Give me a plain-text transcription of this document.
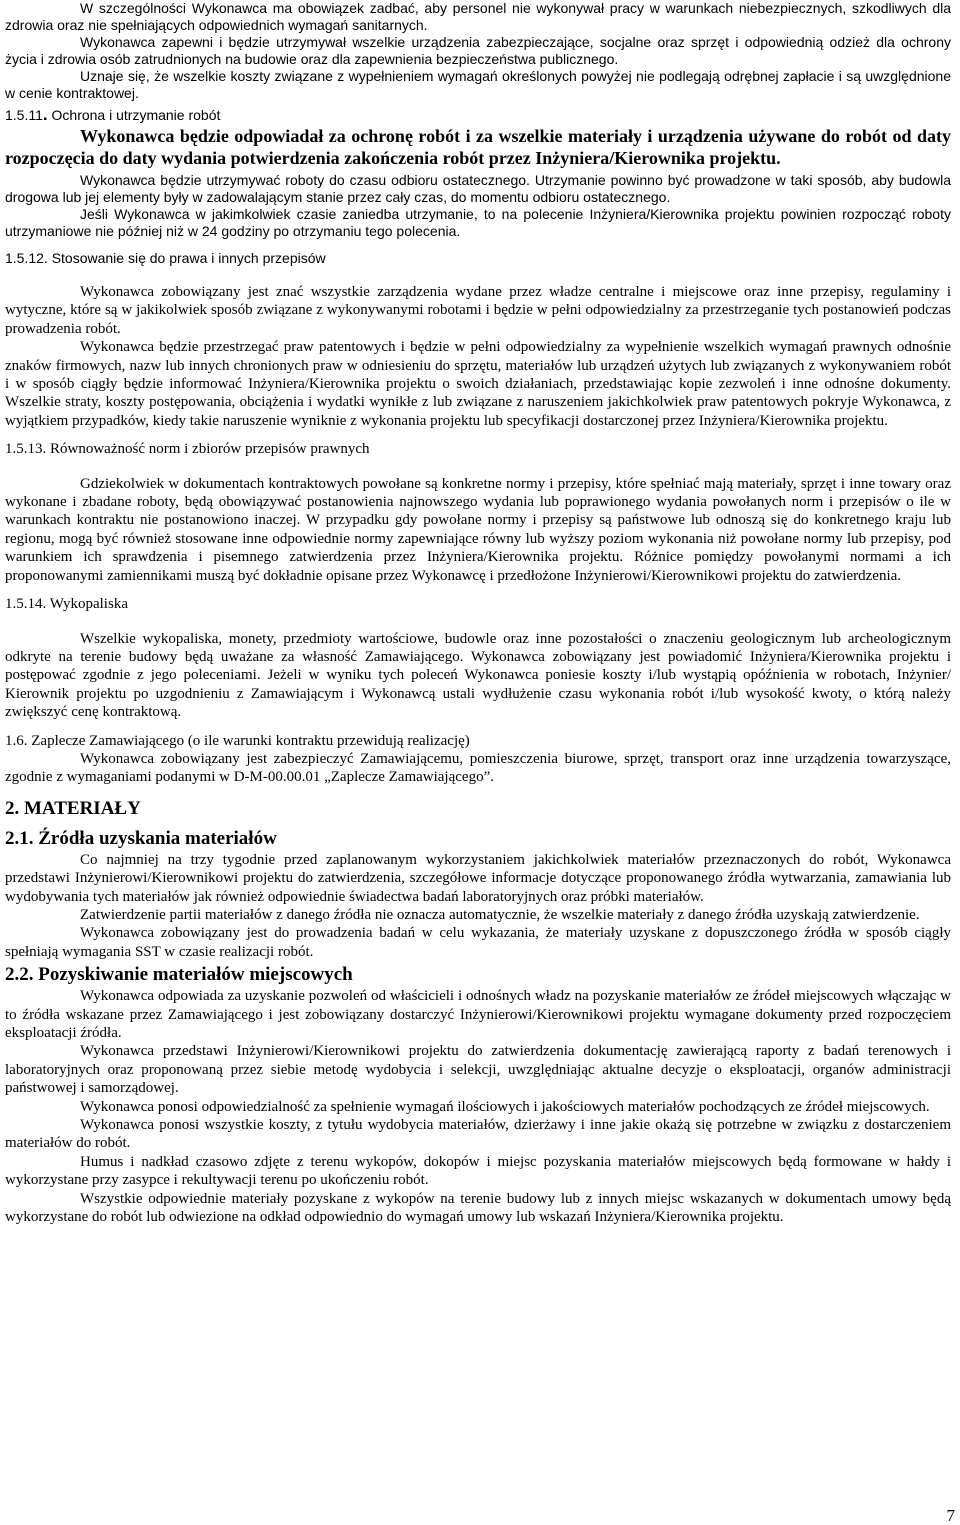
W szczególności Wykonawca ma obowiązek zadbać, aby personel nie wykonywał pracy w warunkach niebezpiecznych, szkodliwych dla zdrowia oraz nie spełniających odpowiednich wymagań sanitarnych.

Wykonawca zapewni i będzie utrzymywał wszelkie urządzenia zabezpieczające, socjalne oraz sprzęt i odpowiednią odzież dla ochrony życia i zdrowia osób zatrudnionych na budowie oraz dla zapewnienia bezpieczeństwa publicznego.

Uznaje się, że wszelkie koszty związane z wypełnieniem wymagań określonych powyżej nie podlegają odrębnej zapłacie i są uwzględnione w cenie kontraktowej.

1.5.11. Ochrona i utrzymanie robót

Wykonawca będzie odpowiadał za ochronę robót i za wszelkie materiały i urządzenia używane do robót od daty rozpoczęcia do daty wydania potwierdzenia zakończenia robót przez Inżyniera/Kierownika projektu.

Wykonawca będzie utrzymywać roboty do czasu odbioru ostatecznego. Utrzymanie powinno być prowadzone w taki sposób, aby budowla drogowa lub jej elementy były w zadowalającym stanie przez cały czas, do momentu odbioru ostatecznego.

Jeśli Wykonawca w jakimkolwiek czasie zaniedba utrzymanie, to na polecenie Inżyniera/Kierownika projektu powinien rozpocząć roboty utrzymaniowe nie później niż w 24 godziny po otrzymaniu tego polecenia.

1.5.12. Stosowanie się do prawa i innych przepisów

Wykonawca zobowiązany jest znać wszystkie zarządzenia wydane przez władze centralne i miejscowe oraz inne przepisy, regulaminy i wytyczne, które są w jakikolwiek sposób związane z wykonywanymi robotami i będzie w pełni odpowiedzialny za przestrzeganie tych postanowień podczas prowadzenia robót.

Wykonawca będzie przestrzegać praw patentowych i będzie w pełni odpowiedzialny za wypełnienie wszelkich wymagań prawnych odnośnie znaków firmowych, nazw lub innych chronionych praw w odniesieniu do sprzętu, materiałów lub urządzeń użytych lub związanych z wykonywaniem robót i w sposób ciągły będzie informować Inżyniera/Kierownika projektu o swoich działaniach, przedstawiając kopie zezwoleń i inne odnośne dokumenty. Wszelkie straty, koszty postępowania, obciążenia i wydatki wynikłe z lub związane z naruszeniem jakichkolwiek praw patentowych pokryje Wykonawca, z wyjątkiem przypadków, kiedy takie naruszenie wyniknie z wykonania projektu lub specyfikacji dostarczonej przez Inżyniera/Kierownika projektu.

1.5.13. Równoważność norm i zbiorów przepisów prawnych

Gdziekolwiek w dokumentach kontraktowych powołane są konkretne normy i przepisy, które spełniać mają materiały, sprzęt i inne towary oraz wykonane i zbadane roboty, będą obowiązywać postanowienia najnowszego wydania lub poprawionego wydania powołanych norm i przepisów o ile w warunkach kontraktu nie postanowiono inaczej. W przypadku gdy powołane normy i przepisy są państwowe lub odnoszą się do konkretnego kraju lub regionu, mogą być również stosowane inne odpowiednie normy zapewniające równy lub wyższy poziom wykonania niż powołane normy lub przepisy, pod warunkiem ich sprawdzenia i pisemnego zatwierdzenia przez Inżyniera/Kierownika projektu. Różnice pomiędzy powołanymi normami a ich proponowanymi zamiennikami muszą być dokładnie opisane przez Wykonawcę i przedłożone Inżynierowi/Kierownikowi projektu do zatwierdzenia.

1.5.14. Wykopaliska

Wszelkie wykopaliska, monety, przedmioty wartościowe, budowle oraz inne pozostałości o znaczeniu geologicznym lub archeologicznym odkryte na terenie budowy będą uważane za własność Zamawiającego. Wykonawca zobowiązany jest powiadomić Inżyniera/Kierownika projektu i postępować zgodnie z jego poleceniami. Jeżeli w wyniku tych poleceń Wykonawca poniesie koszty i/lub wystąpią opóźnienia w robotach, Inżynier/ Kierownik projektu po uzgodnieniu z Zamawiającym i Wykonawcą ustali wydłużenie czasu wykonania robót i/lub wysokość kwoty, o którą należy zwiększyć cenę kontraktową.

1.6. Zaplecze Zamawiającego (o ile warunki kontraktu przewidują realizację)

Wykonawca zobowiązany jest zabezpieczyć Zamawiającemu, pomieszczenia biurowe, sprzęt, transport oraz inne urządzenia towarzyszące, zgodnie z wymaganiami podanymi w D-M-00.00.01 „Zaplecze Zamawiającego”.

2. MATERIAŁY

2.1. Źródła uzyskania materiałów

Co najmniej na trzy tygodnie przed zaplanowanym wykorzystaniem jakichkolwiek materiałów przeznaczonych do robót, Wykonawca przedstawi Inżynierowi/Kierownikowi projektu do zatwierdzenia, szczegółowe informacje dotyczące proponowanego źródła wytwarzania, zamawiania lub wydobywania tych materiałów jak również odpowiednie świadectwa badań laboratoryjnych oraz próbki materiałów.

Zatwierdzenie partii materiałów z danego źródła nie oznacza automatycznie, że wszelkie materiały z danego źródła uzyskają zatwierdzenie.

Wykonawca zobowiązany jest do prowadzenia badań w celu wykazania, że materiały uzyskane z dopuszczonego źródła w sposób ciągły spełniają wymagania SST w czasie realizacji robót.

2.2. Pozyskiwanie materiałów miejscowych

Wykonawca odpowiada za uzyskanie pozwoleń od właścicieli i odnośnych władz na pozyskanie materiałów ze źródeł miejscowych włączając w to źródła wskazane przez Zamawiającego i jest zobowiązany dostarczyć Inżynierowi/Kierownikowi projektu wymagane dokumenty przed rozpoczęciem eksploatacji źródła.

Wykonawca przedstawi Inżynierowi/Kierownikowi projektu do zatwierdzenia dokumentację zawierającą raporty z badań terenowych i laboratoryjnych oraz proponowaną przez siebie metodę wydobycia i selekcji, uwzględniając aktualne decyzje o eksploatacji, organów administracji państwowej i samorządowej.

Wykonawca ponosi odpowiedzialność za spełnienie wymagań ilościowych i jakościowych materiałów pochodzących ze źródeł miejscowych.

Wykonawca ponosi wszystkie koszty, z tytułu wydobycia materiałów, dzierżawy i inne jakie okażą się potrzebne w związku z dostarczeniem materiałów do robót.

Humus i nadkład czasowo zdjęte z terenu wykopów, dokopów i miejsc pozyskania materiałów miejscowych będą formowane w hałdy i wykorzystane przy zasypce i rekultywacji terenu po ukończeniu robót.

Wszystkie odpowiednie materiały pozyskane z wykopów na terenie budowy lub z innych miejsc wskazanych w dokumentach umowy będą wykorzystane do robót lub odwiezione na odkład odpowiednio do wymagań umowy lub wskazań Inżyniera/Kierownika projektu.

7
